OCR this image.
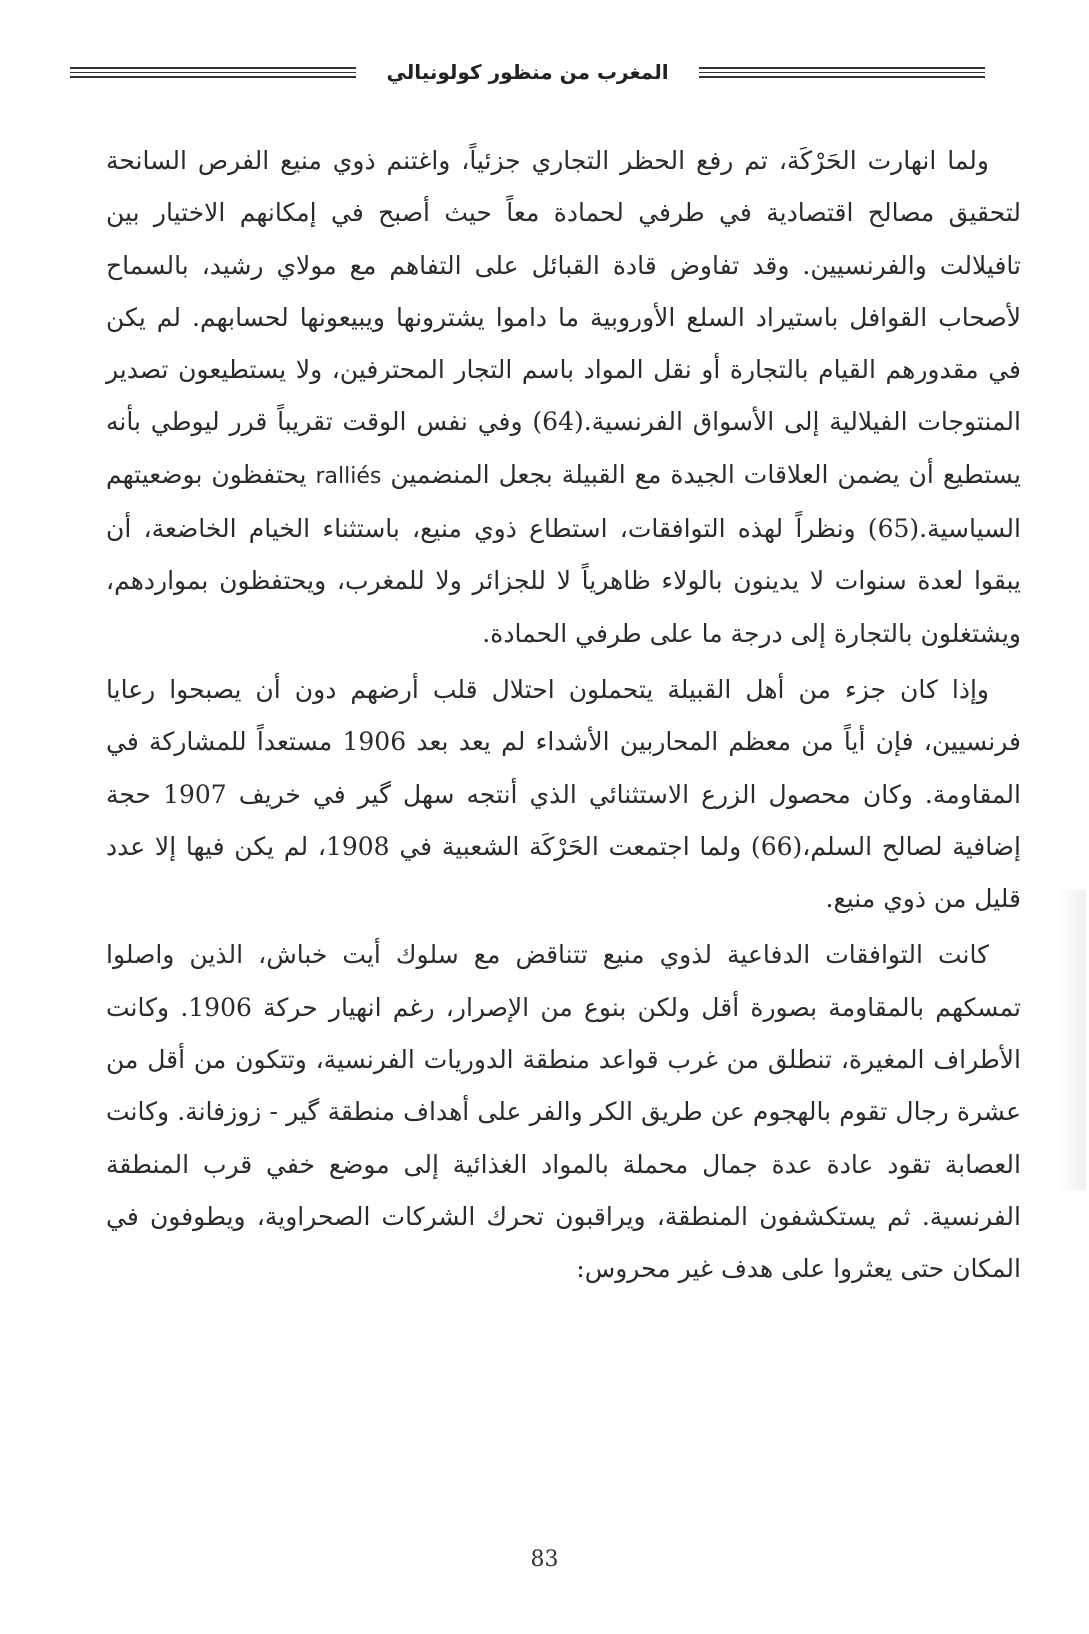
المغرب من منظور كولونيالي

ولما انهارت الحَرْكَة، تم رفع الحظر التجاري جزئياً، واغتنم ذوي منيع الفرص السانحة لتحقيق مصالح اقتصادية في طرفي لحمادة معاً حيث أصبح في إمكانهم الاختيار بين تافيلالت والفرنسيين. وقد تفاوض قادة القبائل على التفاهم مع مولاي رشيد، بالسماح لأصحاب القوافل باستيراد السلع الأوروبية ما داموا يشترونها ويبيعونها لحسابهم. لم يكن في مقدورهم القيام بالتجارة أو نقل المواد باسم التجار المحترفين، ولا يستطيعون تصدير المنتوجات الفيلالية إلى الأسواق الفرنسية.(64) وفي نفس الوقت تقريباً قرر ليوطي بأنه يستطيع أن يضمن العلاقات الجيدة مع القبيلة بجعل المنضمين ralliés يحتفظون بوضعيتهم السياسية.(65) ونظراً لهذه التوافقات، استطاع ذوي منيع، باستثناء الخيام الخاضعة، أن يبقوا لعدة سنوات لا يدينون بالولاء ظاهرياً لا للجزائر ولا للمغرب، ويحتفظون بمواردهم، ويشتغلون بالتجارة إلى درجة ما على طرفي الحمادة.

وإذا كان جزء من أهل القبيلة يتحملون احتلال قلب أرضهم دون أن يصبحوا رعايا فرنسيين، فإن أياً من معظم المحاربين الأشداء لم يعد بعد 1906 مستعداً للمشاركة في المقاومة. وكان محصول الزرع الاستثنائي الذي أنتجه سهل گير في خريف 1907 حجة إضافية لصالح السلم،(66) ولما اجتمعت الحَرْكَة الشعبية في 1908، لم يكن فيها إلا عدد قليل من ذوي منيع.

كانت التوافقات الدفاعية لذوي منيع تتناقض مع سلوك أيت خباش، الذين واصلوا تمسكهم بالمقاومة بصورة أقل ولكن بنوع من الإصرار، رغم انهيار حركة 1906. وكانت الأطراف المغيرة، تنطلق من غرب قواعد منطقة الدوريات الفرنسية، وتتكون من أقل من عشرة رجال تقوم بالهجوم عن طريق الكر والفر على أهداف منطقة گير - زوزفانة. وكانت العصابة تقود عادة عدة جمال محملة بالمواد الغذائية إلى موضع خفي قرب المنطقة الفرنسية. ثم يستكشفون المنطقة، ويراقبون تحرك الشركات الصحراوية، ويطوفون في المكان حتى يعثروا على هدف غير محروس:

83
